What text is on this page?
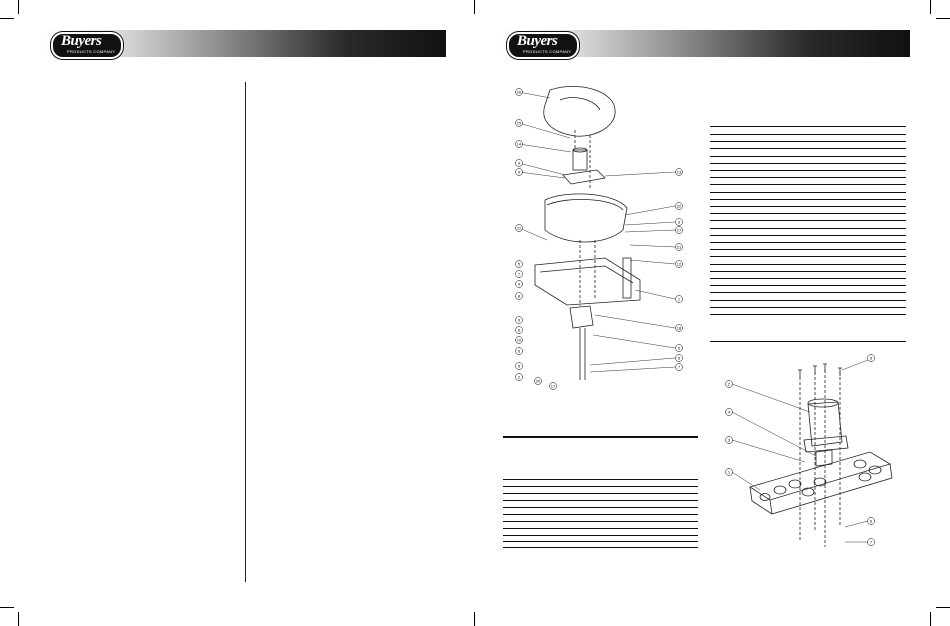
Buyers
PRODUCTS COMPANY
Buyers
PRODUCTS COMPANY
16
15
14
9
5	13
22
3
17
21
12
11
5
7
4
8
9
6
10
6
5
2
20
17
1
18
5
7
5
2
4
3
1
5
6
7
